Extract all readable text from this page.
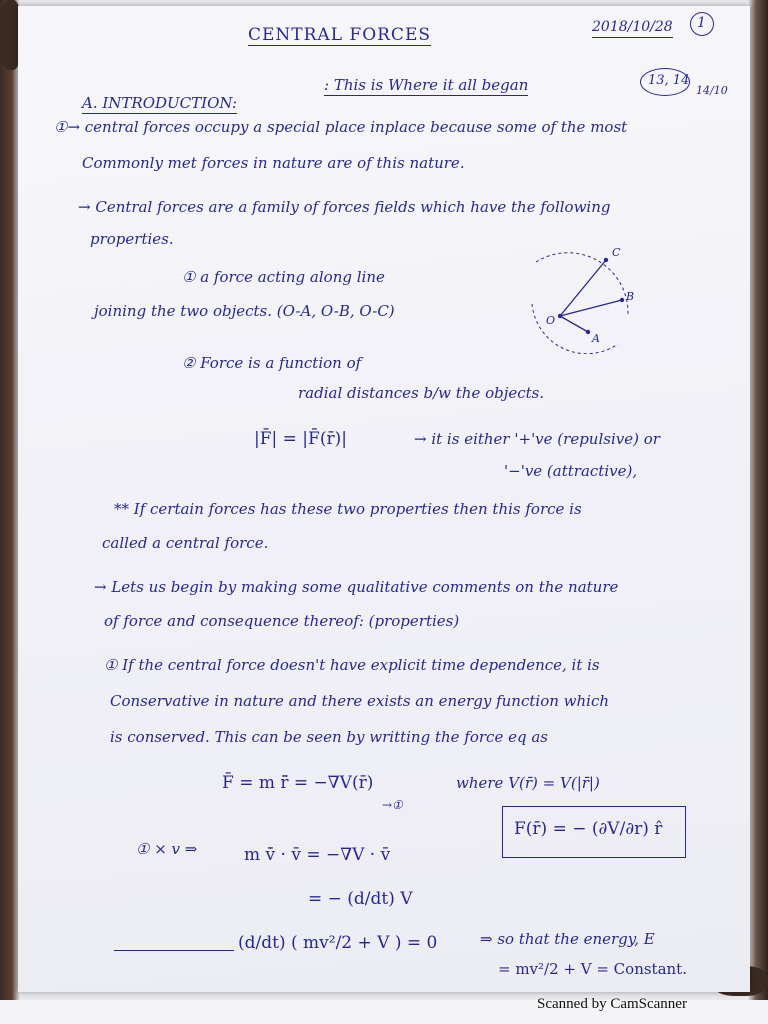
CENTRAL FORCES	2018/10/28 1
: This is Where it all began	13, 14
14/10
A. INTRODUCTION:
①→ central forces occupy a special place inplace because some of the most
Commonly met forces in nature are of this nature.
→ Central forces are a family of forces fields which have the following
properties.
① a force acting along line
joining the two objects. (O-A, O-B, O-C)
C
B
O
A
② Force is a function of
radial distances b/w the objects.
|F̄| = |F̄(r̄)|	→ it is either '+'ve (repulsive) or
'−'ve (attractive),
** If certain forces has these two properties then this force is
called a central force.
→ Lets us begin by making some qualitative comments on the nature
of force and consequence thereof: (properties)
① If the central force doesn't have explicit time dependence, it is
Conservative in nature and there exists an energy function which
is conserved. This can be seen by writting the force eq as
F̄ = m r̄̈ = −∇V(r̄)	where V(r̄) = V(|r̄|)
→①
F(r̄) = − (∂V/∂r) r̂
① × v ⇒	m v̄̇ · v̄ = −∇V · v̄
= − (d/dt) V
(d/dt) ( mv²/2 + V ) = 0	⇒ so that the energy, E
= mv²/2 + V = Constant.
Scanned by CamScanner
